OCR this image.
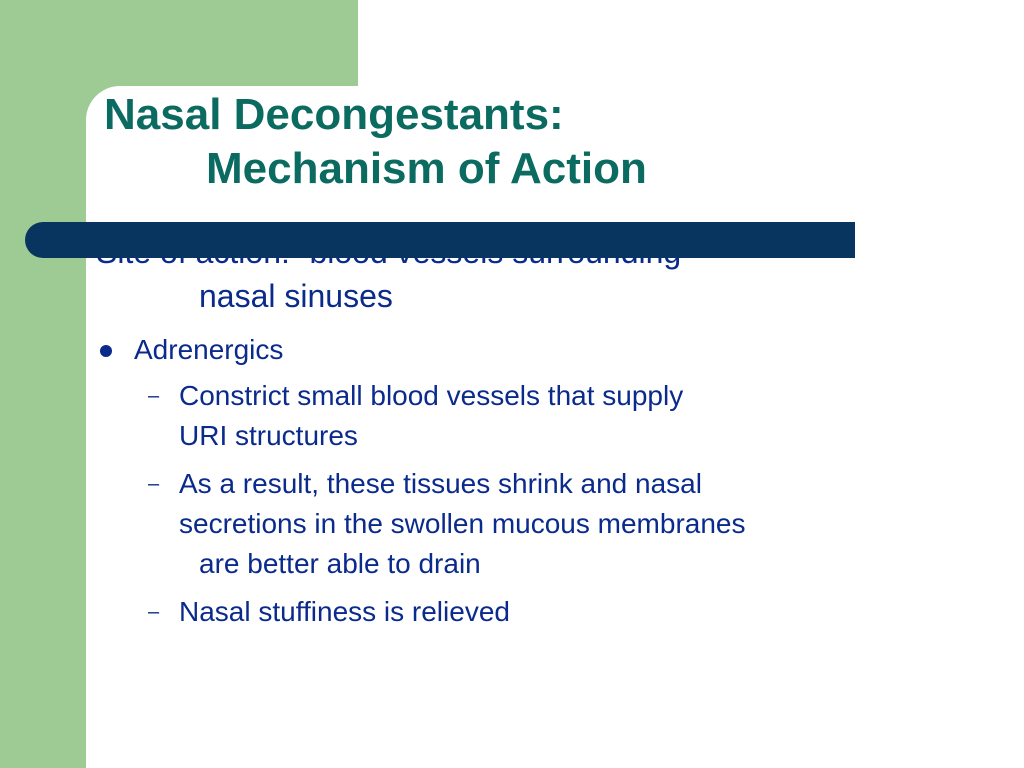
Nasal Decongestants:
Mechanism of Action

nasal sinuses

Adrenergics
– Constrict small blood vessels that supply
URI structures
– As a result, these tissues shrink and nasal
secretions in the swollen mucous membranes
are better able to drain
– Nasal stuffiness is relieved
